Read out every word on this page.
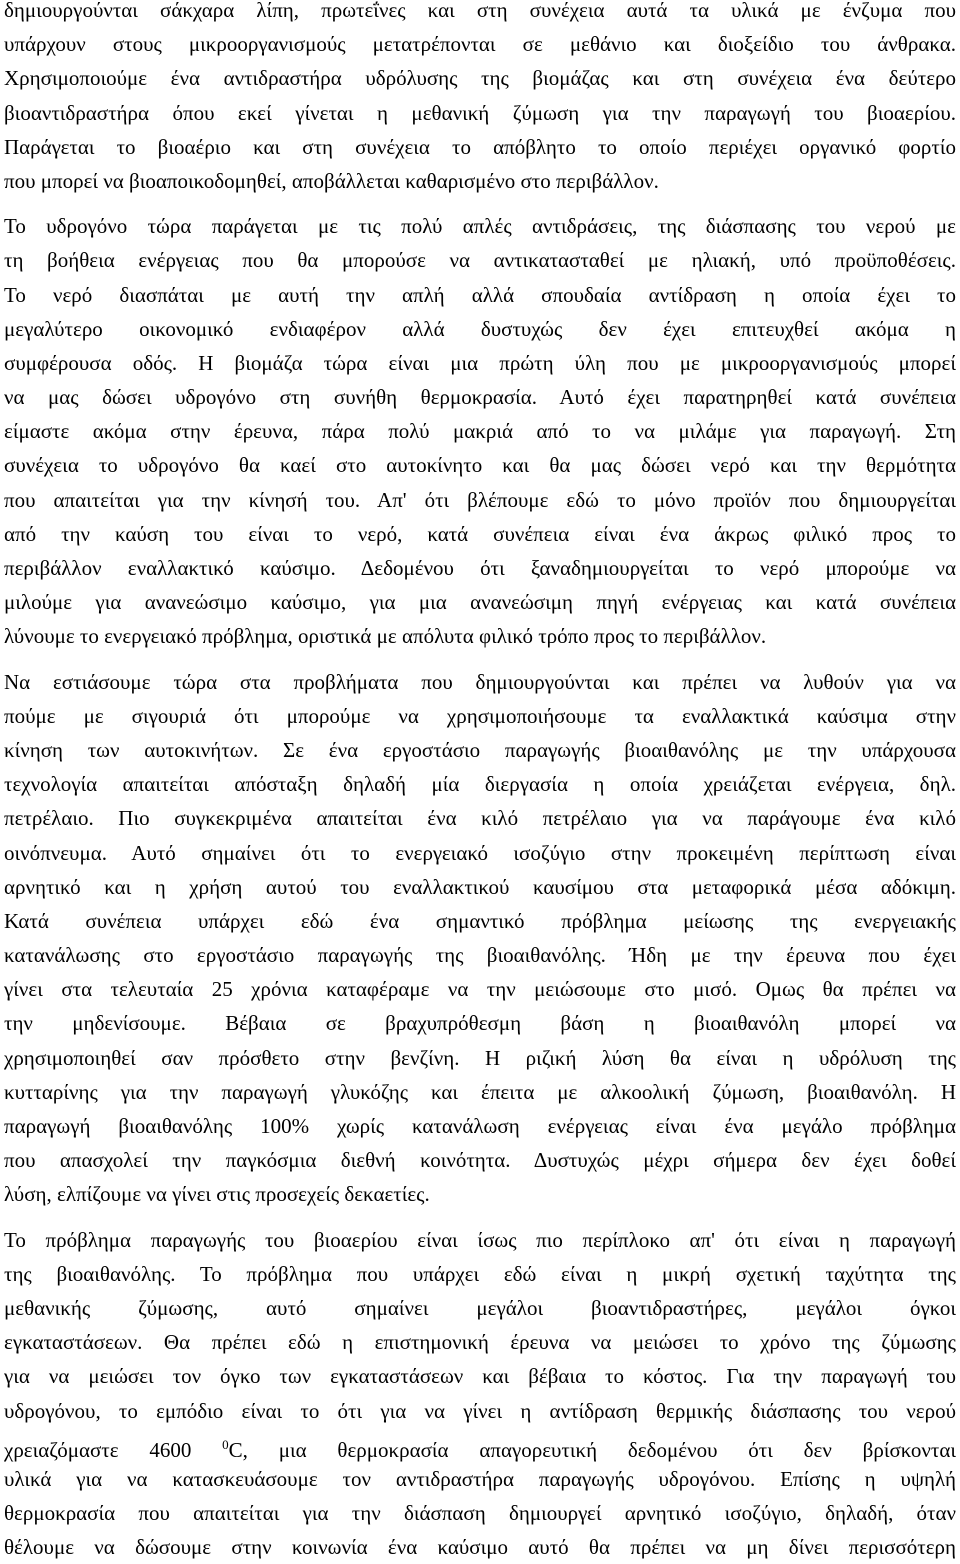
δημιουργούνται σάκχαρα λίπη, πρωτεΐνες και στη συνέχεια αυτά τα υλικά με ένζυμα που
υπάρχουν στους μικροοργανισμούς μετατρέπονται σε μεθάνιο και διοξείδιο του άνθρακα.
Χρησιμοποιούμε ένα αντιδραστήρα υδρόλυσης της βιομάζας και στη συνέχεια ένα δεύτερο
βιοαντιδραστήρα όπου εκεί γίνεται η μεθανική ζύμωση για την παραγωγή του βιοαερίου.
Παράγεται το βιοαέριο και στη συνέχεια το απόβλητο το οποίο περιέχει οργανικό φορτίο
που μπορεί να βιοαποικοδομηθεί, αποβάλλεται καθαρισμένο στο περιβάλλον.
Το υδρογόνο τώρα παράγεται με τις πολύ απλές αντιδράσεις, της διάσπασης του νερού με
τη βοήθεια ενέργειας που θα μπορούσε να αντικατασταθεί με ηλιακή, υπό προϋποθέσεις.
Το νερό διασπάται με αυτή την απλή αλλά σπουδαία αντίδραση η οποία έχει το
μεγαλύτερο οικονομικό ενδιαφέρον αλλά δυστυχώς δεν έχει επιτευχθεί ακόμα η
συμφέρουσα οδός. Η βιομάζα τώρα είναι μια πρώτη ύλη που με μικροοργανισμούς μπορεί
να μας δώσει υδρογόνο στη συνήθη θερμοκρασία. Αυτό έχει παρατηρηθεί κατά συνέπεια
είμαστε ακόμα στην έρευνα, πάρα πολύ μακριά από το να μιλάμε για παραγωγή. Στη
συνέχεια το υδρογόνο θα καεί στο αυτοκίνητο και θα μας δώσει νερό και την θερμότητα
που απαιτείται για την κίνησή του. Απ' ότι βλέπουμε εδώ το μόνο προϊόν που δημιουργείται
από την καύση του είναι το νερό, κατά συνέπεια είναι ένα άκρως φιλικό προς το
περιβάλλον εναλλακτικό καύσιμο. Δεδομένου ότι ξαναδημιουργείται το νερό μπορούμε να
μιλούμε για ανανεώσιμο καύσιμο, για μια ανανεώσιμη πηγή ενέργειας και κατά συνέπεια
λύνουμε το ενεργειακό πρόβλημα, οριστικά με απόλυτα φιλικό τρόπο προς το περιβάλλον.
Να εστιάσουμε τώρα στα προβλήματα που δημιουργούνται και πρέπει να λυθούν για να
πούμε με σιγουριά ότι μπορούμε να χρησιμοποιήσουμε τα εναλλακτικά καύσιμα στην
κίνηση των αυτοκινήτων. Σε ένα εργοστάσιο παραγωγής βιοαιθανόλης με την υπάρχουσα
τεχνολογία απαιτείται απόσταξη δηλαδή μία διεργασία η οποία χρειάζεται ενέργεια, δηλ.
πετρέλαιο. Πιο συγκεκριμένα απαιτείται ένα κιλό πετρέλαιο για να παράγουμε ένα κιλό
οινόπνευμα. Αυτό σημαίνει ότι το ενεργειακό ισοζύγιο στην προκειμένη περίπτωση είναι
αρνητικό και η χρήση αυτού του εναλλακτικού καυσίμου στα μεταφορικά μέσα αδόκιμη.
Κατά συνέπεια υπάρχει εδώ ένα σημαντικό πρόβλημα μείωσης της ενεργειακής
κατανάλωσης στο εργοστάσιο παραγωγής της βιοαιθανόλης. Ήδη με την έρευνα που έχει
γίνει στα τελευταία 25 χρόνια καταφέραμε να την μειώσουμε στο μισό. Ομως θα πρέπει να
την μηδενίσουμε. Βέβαια σε βραχυπρόθεσμη βάση η βιοαιθανόλη μπορεί να
χρησιμοποιηθεί σαν πρόσθετο στην βενζίνη. Η ριζική λύση θα είναι η υδρόλυση της
κυτταρίνης για την παραγωγή γλυκόζης και έπειτα με αλκοολική ζύμωση, βιοαιθανόλη. Η
παραγωγή βιοαιθανόλης 100% χωρίς κατανάλωση ενέργειας είναι ένα μεγάλο πρόβλημα
που απασχολεί την παγκόσμια διεθνή κοινότητα. Δυστυχώς μέχρι σήμερα δεν έχει δοθεί
λύση, ελπίζουμε να γίνει στις προσεχείς δεκαετίες.
Το πρόβλημα παραγωγής του βιοαερίου είναι ίσως πιο περίπλοκο απ' ότι είναι η παραγωγή
της βιοαιθανόλης. Το πρόβλημα που υπάρχει εδώ είναι η μικρή σχετική ταχύτητα της
μεθανικής ζύμωσης, αυτό σημαίνει μεγάλοι βιοαντιδραστήρες, μεγάλοι όγκοι
εγκαταστάσεων. Θα πρέπει εδώ η επιστημονική έρευνα να μειώσει το χρόνο της ζύμωσης
για να μειώσει τον όγκο των εγκαταστάσεων και βέβαια το κόστος. Για την παραγωγή του
υδρογόνου, το εμπόδιο είναι το ότι για να γίνει η αντίδραση θερμικής διάσπασης του νερού
χρειαζόμαστε 4600 $^0$C, μια θερμοκρασία απαγορευτική δεδομένου ότι δεν βρίσκονται
υλικά για να κατασκευάσουμε τον αντιδραστήρα παραγωγής υδρογόνου. Επίσης η υψηλή
θερμοκρασία που απαιτείται για την διάσπαση δημιουργεί αρνητικό ισοζύγιο, δηλαδή, όταν
θέλουμε να δώσουμε στην κοινωνία ένα καύσιμο αυτό θα πρέπει να μη δίνει περισσότερη
